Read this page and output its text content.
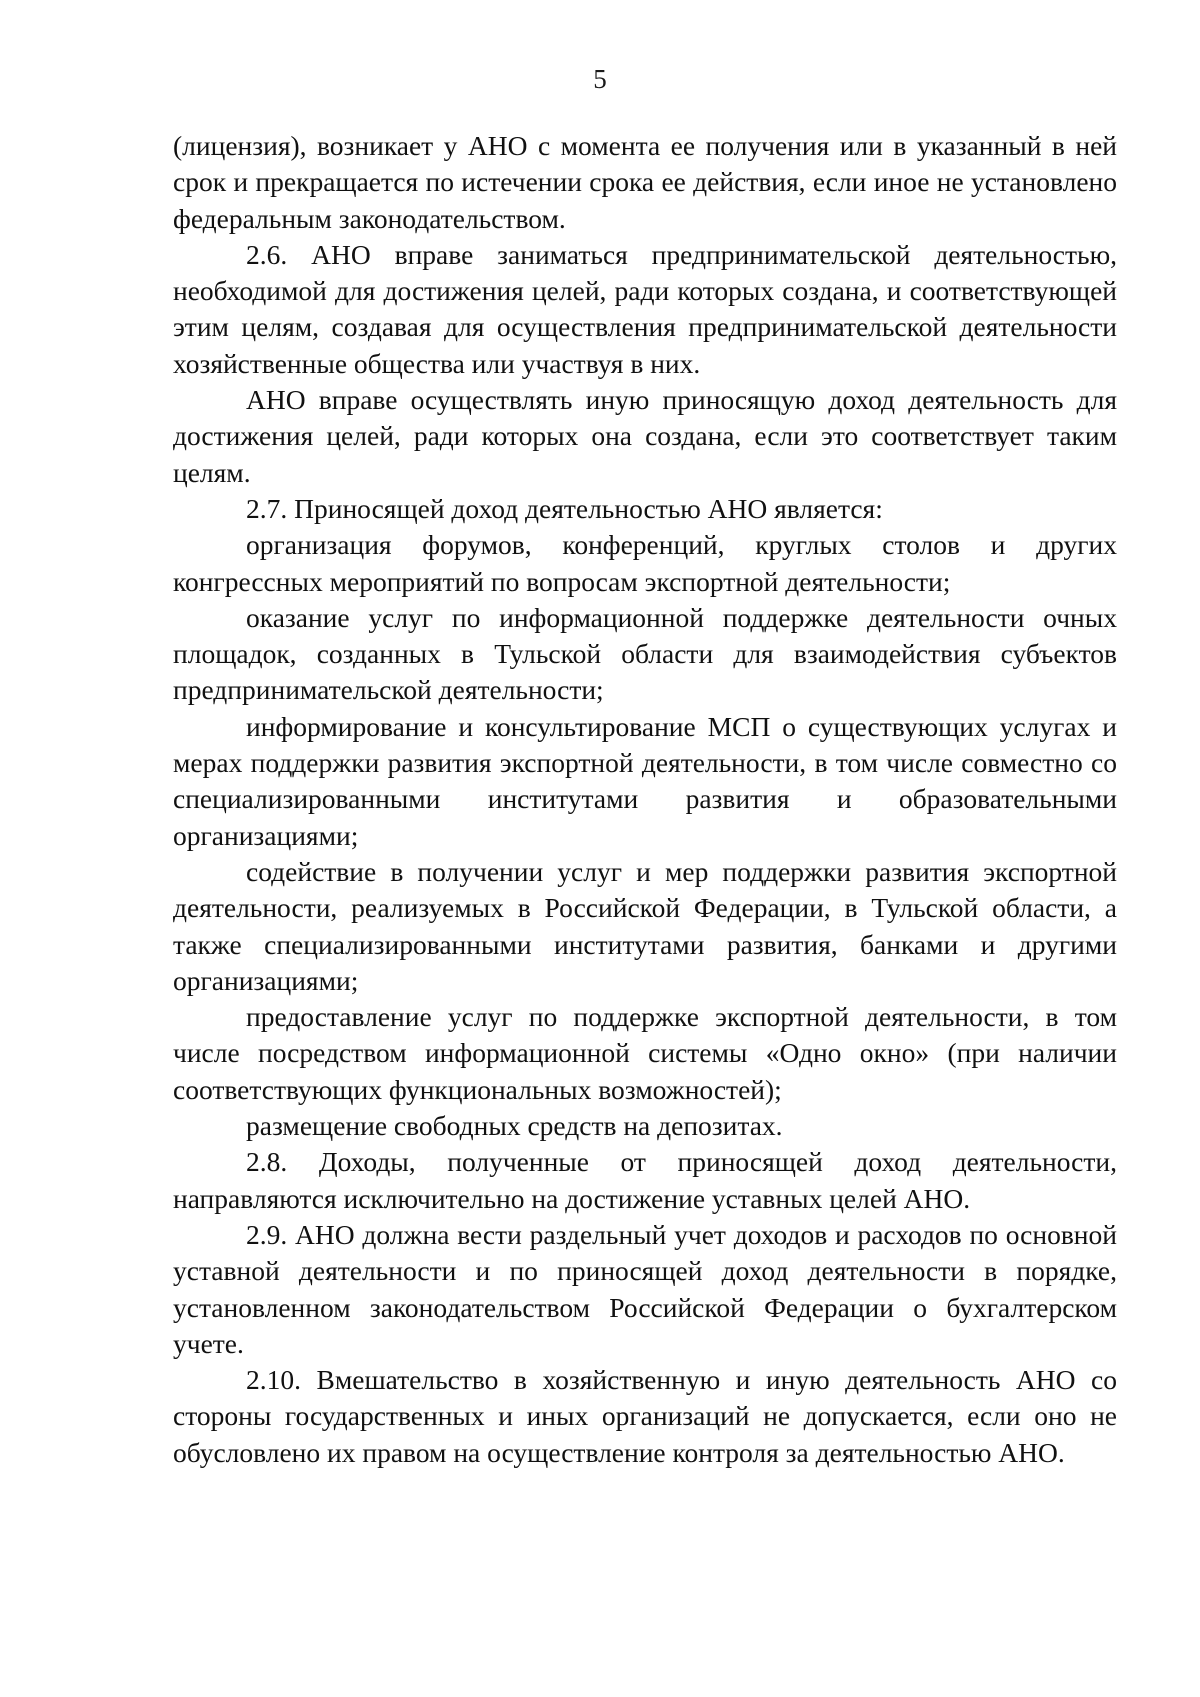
5

(лицензия), возникает у АНО с момента ее получения или в указанный в ней срок и прекращается по истечении срока ее действия, если иное не установлено федеральным законодательством.

2.6. АНО вправе заниматься предпринимательской деятельностью, необходимой для достижения целей, ради которых создана, и соответствующей этим целям, создавая для осуществления предпринимательской деятельности хозяйственные общества или участвуя в них.

АНО вправе осуществлять иную приносящую доход деятельность для достижения целей, ради которых она создана, если это соответствует таким целям.

2.7. Приносящей доход деятельностью АНО является:

организация форумов, конференций, круглых столов и других конгрессных мероприятий по вопросам экспортной деятельности;

оказание услуг по информационной поддержке деятельности очных площадок, созданных в Тульской области для взаимодействия субъектов предпринимательской деятельности;

информирование и консультирование МСП о существующих услугах и мерах поддержки развития экспортной деятельности, в том числе совместно со специализированными институтами развития и образовательными организациями;

содействие в получении услуг и мер поддержки развития экспортной деятельности, реализуемых в Российской Федерации, в Тульской области, а также специализированными институтами развития, банками и другими организациями;

предоставление услуг по поддержке экспортной деятельности, в том числе посредством информационной системы «Одно окно» (при наличии соответствующих функциональных возможностей);

размещение свободных средств на депозитах.

2.8. Доходы, полученные от приносящей доход деятельности, направляются исключительно на достижение уставных целей АНО.

2.9. АНО должна вести раздельный учет доходов и расходов по основной уставной деятельности и по приносящей доход деятельности в порядке, установленном законодательством Российской Федерации о бухгалтерском учете.

2.10. Вмешательство в хозяйственную и иную деятельность АНО со стороны государственных и иных организаций не допускается, если оно не обусловлено их правом на осуществление контроля за деятельностью АНО.
